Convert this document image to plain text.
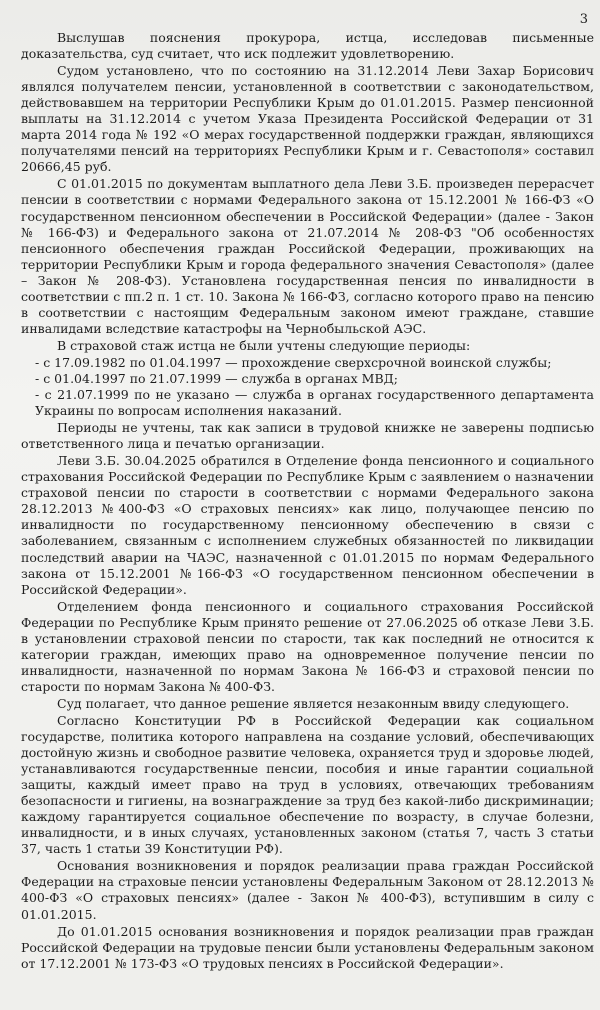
3

Выслушав пояснения прокурора, истца, исследовав письменные доказательства, суд считает, что иск подлежит удовлетворению.

Судом установлено, что по состоянию на 31.12.2014 Леви Захар Борисович являлся получателем пенсии, установленной в соответствии с законодательством, действовавшем на территории Республики Крым до 01.01.2015. Размер пенсионной выплаты на 31.12.2014 с учетом Указа Президента Российской Федерации от 31 марта 2014 года № 192 «О мерах государственной поддержки граждан, являющихся получателями пенсий на территориях Республики Крым и г. Севастополя» составил 20666,45 руб.

С 01.01.2015 по документам выплатного дела Леви З.Б. произведен перерасчет пенсии в соответствии с нормами Федерального закона от 15.12.2001 № 166-ФЗ «О государственном пенсионном обеспечении в Российской Федерации» (далее - Закон № 166-ФЗ) и Федерального закона от 21.07.2014 № 208-ФЗ "Об особенностях пенсионного обеспечения граждан Российской Федерации, проживающих на территории Республики Крым и города федерального значения Севастополя» (далее – Закон № 208-ФЗ). Установлена государственная пенсия по инвалидности в соответствии с пп.2 п. 1 ст. 10. Закона № 166-ФЗ, согласно которого право на пенсию в соответствии с настоящим Федеральным законом имеют граждане, ставшие инвалидами вследствие катастрофы на Чернобыльской АЭС.

В страховой стаж истца не были учтены следующие периоды:

- с 17.09.1982 по 01.04.1997 — прохождение сверхсрочной воинской службы;
- с 01.04.1997 по 21.07.1999 — служба в органах МВД;
- с 21.07.1999 по не указано — служба в органах государственного департамента Украины по вопросам исполнения наказаний.

Периоды не учтены, так как записи в трудовой книжке не заверены подписью ответственного лица и печатью организации.

Леви З.Б. 30.04.2025 обратился в Отделение фонда пенсионного и социального страхования Российской Федерации по Республике Крым с заявлением о назначении страховой пенсии по старости в соответствии с нормами Федерального закона 28.12.2013 №400-ФЗ «О страховых пенсиях» как лицо, получающее пенсию по инвалидности по государственному пенсионному обеспечению в связи с заболеванием, связанным с исполнением служебных обязанностей по ликвидации последствий аварии на ЧАЭС, назначенной с 01.01.2015 по нормам Федерального закона от 15.12.2001 №166-ФЗ «О государственном пенсионном обеспечении в Российской Федерации».

Отделением фонда пенсионного и социального страхования Российской Федерации по Республике Крым принято решение от 27.06.2025 об отказе Леви З.Б. в установлении страховой пенсии по старости, так как последний не относится к категории граждан, имеющих право на одновременное получение пенсии по инвалидности, назначенной по нормам Закона № 166-ФЗ и страховой пенсии по старости по нормам Закона № 400-ФЗ.

Суд полагает, что данное решение является незаконным ввиду следующего.

Согласно Конституции РФ в Российской Федерации как социальном государстве, политика которого направлена на создание условий, обеспечивающих достойную жизнь и свободное развитие человека, охраняется труд и здоровье людей, устанавливаются государственные пенсии, пособия и иные гарантии социальной защиты, каждый имеет право на труд в условиях, отвечающих требованиям безопасности и гигиены, на вознаграждение за труд без какой-либо дискриминации; каждому гарантируется социальное обеспечение по возрасту, в случае болезни, инвалидности, и в иных случаях, установленных законом (статья 7, часть 3 статьи 37, часть 1 статьи 39 Конституции РФ).

Основания возникновения и порядок реализации права граждан Российской Федерации на страховые пенсии установлены Федеральным Законом от 28.12.2013 № 400-ФЗ «О страховых пенсиях» (далее - Закон № 400-ФЗ), вступившим в силу с 01.01.2015.

До 01.01.2015 основания возникновения и порядок реализации прав граждан Российской Федерации на трудовые пенсии были установлены Федеральным законом от 17.12.2001 № 173-ФЗ «О трудовых пенсиях в Российской Федерации».
